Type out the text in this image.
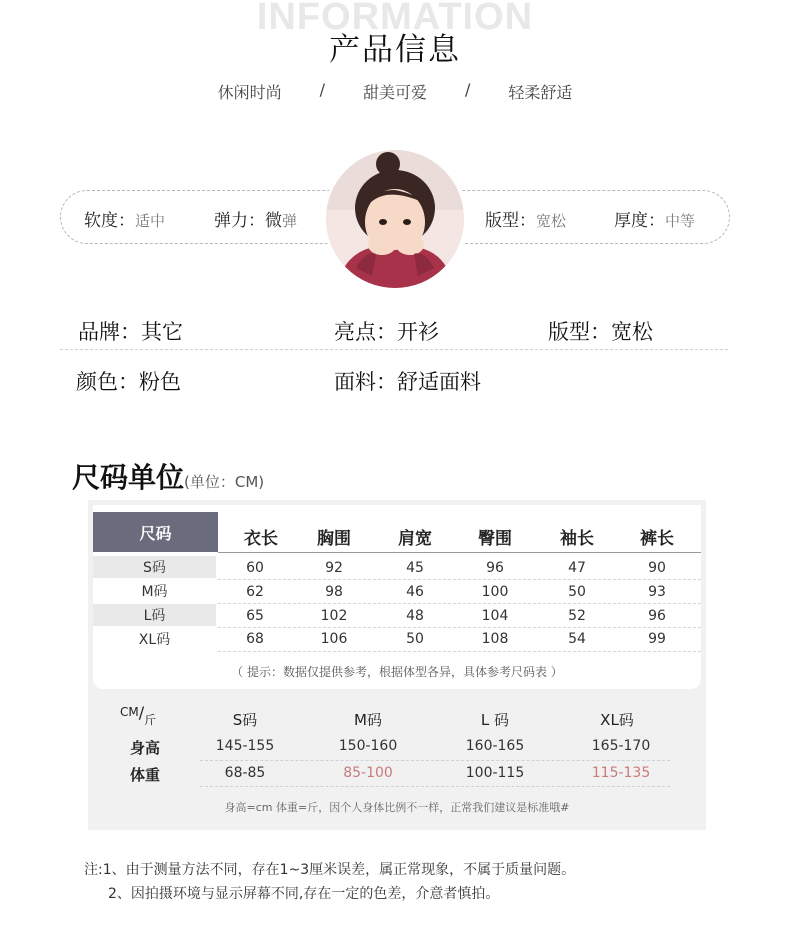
INFORMATION
产品信息
休闲时尚 / 甜美可爱 / 轻柔舒适
软度：适中	弹力：微弹	版型：宽松	厚度：中等
品牌：其它	亮点：开衫	版型：宽松
颜色：粉色	面料：舒适面料
尺码单位(单位：CM)
尺码	衣长	胸围	肩宽	臀围	袖长	裤长
S码	60	92	45	96	47	90
M码	62	98	46	100	50	93
L码	65	102	48	104	52	96
XL码	68	106	50	108	54	99
（ 提示：数据仅提供参考，根据体型各异，具体参考尺码表 ）
CM/斤	S码	M码	L 码	XL码
身高	145-155	150-160	160-165	165-170
体重	68-85	85-100	100-115	115-135
身高=cm 体重=斤，因个人身体比例不一样，正常我们建议是标准哦#
注:1、由于测量方法不同，存在1~3厘米误差，属正常现象，不属于质量问题。
2、因拍摄环境与显示屏幕不同,存在一定的色差，介意者慎拍。
